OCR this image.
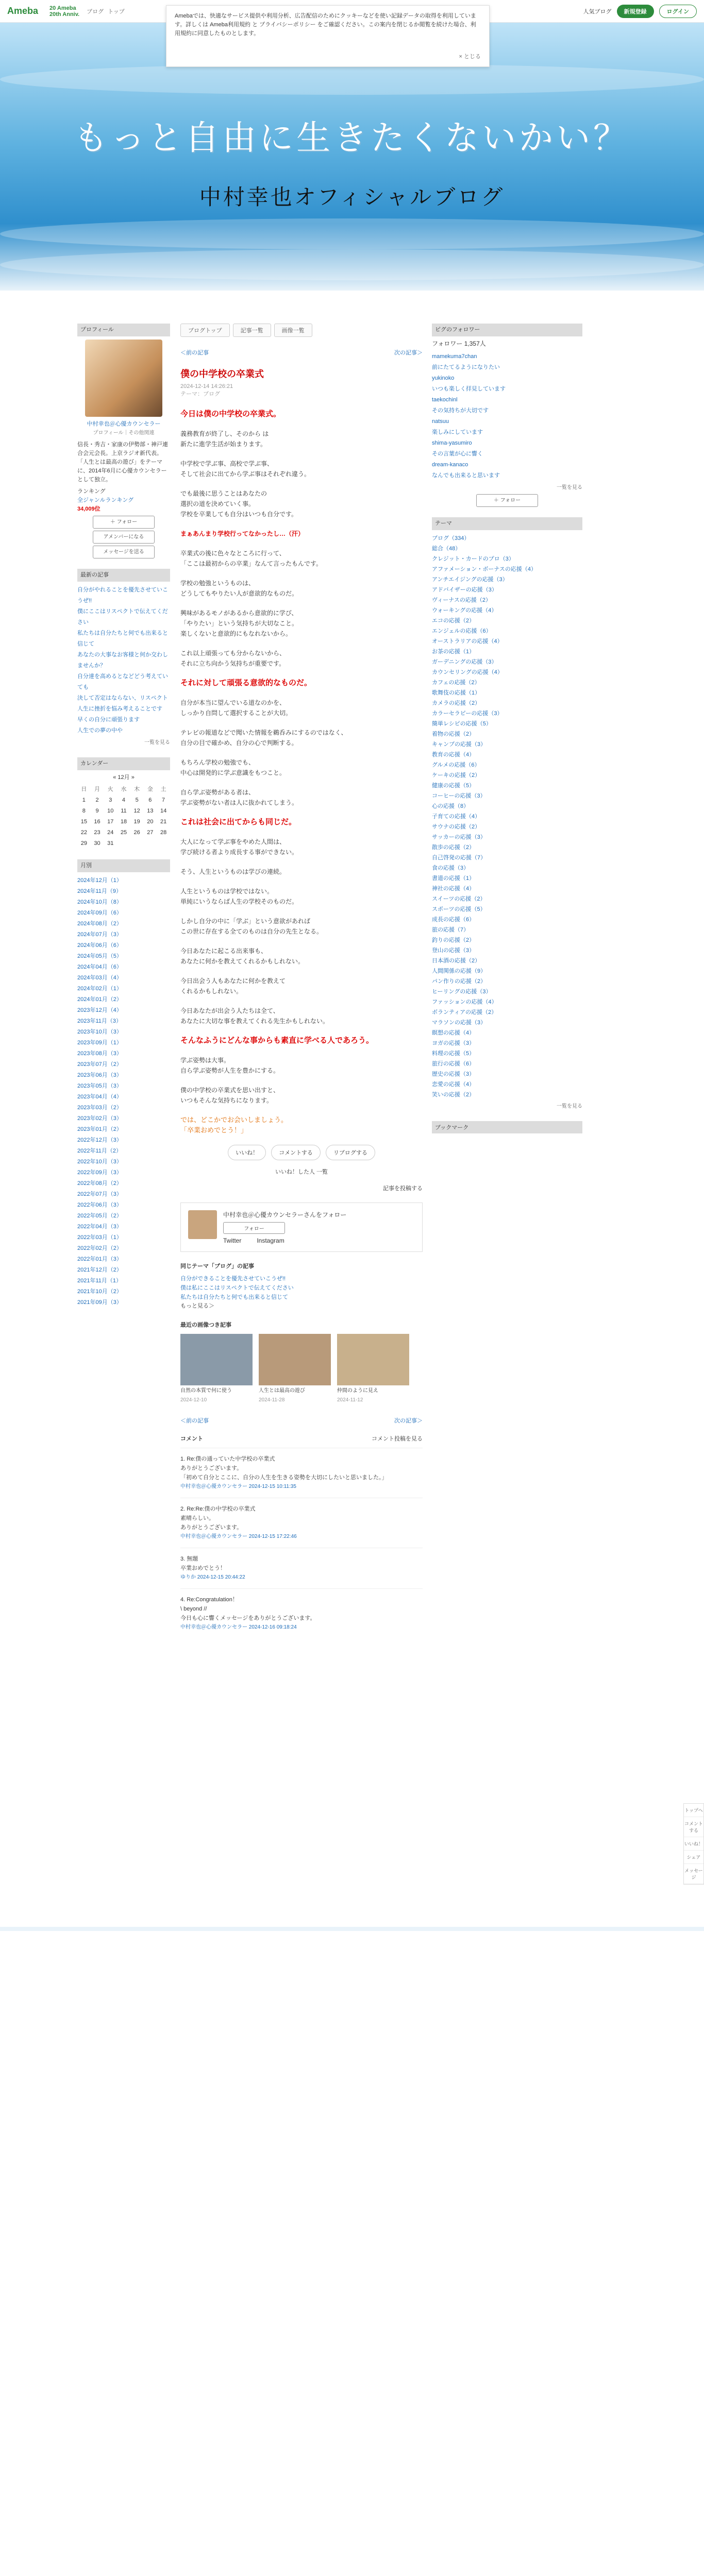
Ameba 20 Ameba
20th Anniv. ブログ トップ	人気ブログ	新規登録	ログイン
Amebaでは、快適なサービス提供や利用分析、広告配信のためにクッキーなどを使い記録データの取得を利用しています。詳しくは Ameba利用規約 と プライバシーポリシー をご確認ください。この案内を閉じるか閲覧を続けた場合、利用規約に同意したものとします。
× とじる
もっと自由に生きたくないかい？
中村幸也オフィシャルブログ
プロフィール
中村幸也＠心優カウンセラー
プロフィール｜その他関連
信長・秀吉・家康の伊勢部・神戸連合会元会長。上京ラジオ新代表。「人生とは最高の遊び」をテーマに、2014年6月に心優カウンセラーとして独立。
ランキング
全ジャンルランキング
34,009位
＋ フォロー
アメンバーになる
メッセージを送る
最新の記事
自分がやれることを優先させていこうぜ!!
僕にここはリスペクトで伝えてください
私たちは自分たちと何でも出来ると信じて
あなたの大事なお客様と何か交わしませんか？
自分達を高めるとなどどう考えていても
決して否定はならない、リスペクト
人生に挫折を悩み考えることです
早くの自分に頑張ります
人生での夢の中や
一覧を見る
カレンダー
« 12月 »
日	月	火	水	木	金	土
1	2	3	4	5	6	7
8	9	10	11	12	13	14
15	16	17	18	19	20	21
22	23	24	25	26	27	28
29	30	31				
月別
2024年12月（1）
2024年11月（9）
2024年10月（8）
2024年09月（6）
2024年08月（2）
2024年07月（3）
2024年06月（6）
2024年05月（5）
2024年04月（6）
2024年03月（4）
2024年02月（1）
2024年01月（2）
2023年12月（4）
2023年11月（3）
2023年10月（3）
2023年09月（1）
2023年08月（3）
2023年07月（2）
2023年06月（3）
2023年05月（3）
2023年04月（4）
2023年03月（2）
2023年02月（3）
2023年01月（2）
2022年12月（3）
2022年11月（2）
2022年10月（3）
2022年09月（3）
2022年08月（2）
2022年07月（3）
2022年06月（3）
2022年05月（2）
2022年04月（3）
2022年03月（1）
2022年02月（2）
2022年01月（3）
2021年12月（2）
2021年11月（1）
2021年10月（2）
2021年09月（3）
ブログトップ	記事一覧	画像一覧
＜前の記事	次の記事＞
僕の中学校の卒業式
2024-12-14 14:26:21
テーマ：ブログ

今日は僕の中学校の卒業式。

義務教育が終了し、そのから は
新たに進学生活が始まります。

中学校で学ぶ事、高校で学ぶ事、
そして社会に出てから学ぶ事はそれぞれ違う。

でも最後に思うことはあなたの
選択の道を決めていく事。
学校を卒業しても自分はいつも自分です。

まぁあんまり学校行ってなかったし…（汗）

卒業式の後に色々なところに行って、
「ここは最初からの卒業」なんて言ったもんです。

学校の勉強というものは、
どうしてもやりたい人が意欲的なものだ。

興味があるモノがあるから意欲的に学び、
「やりたい」という気持ちが大切なこと。
楽しくないと意欲的にもなれないから。

これ以上頑張っても分からないから、
それに立ち向かう気持ちが重要です。

それに対して頑張る意欲的なものだ。

自分が本当に望んでいる道なのかを、
しっかり自問して選択することが大切。

テレビの報道などで聞いた情報を鵜呑みにするのではなく、
自分の目で確かめ、自分の心で判断する。

もちろん学校の勉強でも、
中心は開発的に学ぶ意識をもつこと。

自ら学ぶ姿勢がある者は、
学ぶ姿勢がない者は人に抜かれてしまう。

これは社会に出てからも同じだ。

大人になって学ぶ事をやめた人間は、
学び続ける者より成長する事ができない。

そう、人生というものは学びの連続。

人生というものは学校ではない。
単純にいうならば人生の学校そのものだ。

しかし自分の中に「学ぶ」という意欲があれば
この世に存在する全てのものは自分の先生となる。

今日あなたに起こる出来事も、
あなたに何かを教えてくれるかもしれない。

今日出会う人もあなたに何かを教えて
くれるかもしれない。

今日あなたが出会う人たちは全て、
あなたに大切な事を教えてくれる先生かもしれない。

そんなふうにどんな事からも素直に学べる人であろう。

学ぶ姿勢は大事。
自ら学ぶ姿勢が人生を豊かにする。

僕の中学校の卒業式を思い出すと、
いつもそんな気持ちになります。

では、どこかでお会いしましょう。
「卒業おめでとう！」

いいね！	コメントする	リブログする
いいね！した人 一覧
記事を投稿する
中村幸也＠心優カウンセラーさんをフォロー
フォロー
Twitter	Instagram
同じテーマ「ブログ」の記事
自分ができることを優先させていこうぜ!!
僕は私にここはリスペクトで伝えてください
私たちは自分たちと何でも出来ると信じて
もっと見る＞
最近の画像つき記事
自然の本質で何に使う
2024-12-10
人生とは最高の遊び
2024-11-28
仲間のように見え
2024-11-12
＜前の記事	次の記事＞
コメント	コメント投稿を見る
1. Re:僕の通っていた中学校の卒業式
ありがとうございます。
「初めて自分とここに、自分の人生を生きる姿勢を大切にしたいと思いました。」
中村幸也＠心優カウンセラー 2024-12-15 10:11:35
2. Re:Re:僕の中学校の卒業式
素晴らしい。
ありがとうございます。
中村幸也＠心優カウンセラー 2024-12-15 17:22:46
3. 無題
卒業おめでとう！
ゆりか 2024-12-15 20:44:22
4. Re:Congratulation！
\ beyond //
今日も心に響くメッセージをありがとうございます。
中村幸也＠心優カウンセラー 2024-12-16 09:18:24
ピグのフォロワー
フォロワー 1,357人
mamekuma7chan
前にたてるようになりたい
yukinoko
いつも楽しく拝見しています
taekochinl
その気持ちが大切です
natsuu
楽しみにしています
shima-yasumiro
その言葉が心に響く
dream-kanaco
なんでも出来ると思います
一覧を見る
＋ フォロー
テーマ
ブログ（334）
総合（48）
クレジット・カードのプロ（3）
アファメーション・ボーナスの応援（4）
アンチエイジングの応援（3）
アドバイザーの応援（3）
ヴィーナスの応援（2）
ウォーキングの応援（4）
エコの応援（2）
エンジェルの応援（6）
オーストラリアの応援（4）
お茶の応援（1）
ガーデニングの応援（3）
カウンセリングの応援（4）
カフェの応援（2）
歌舞伎の応援（1）
カメラの応援（2）
カラーセラピーの応援（3）
簡単レシピの応援（5）
着物の応援（2）
キャンプの応援（3）
教育の応援（4）
グルメの応援（6）
ケーキの応援（2）
健康の応援（5）
コーヒーの応援（3）
心の応援（8）
子育ての応援（4）
サウナの応援（2）
サッカーの応援（3）
散歩の応援（2）
自己啓発の応援（7）
食の応援（3）
書道の応援（1）
神社の応援（4）
スイーツの応援（2）
スポーツの応援（5）
成長の応援（6）
旅の応援（7）
釣りの応援（2）
登山の応援（3）
日本酒の応援（2）
人間関係の応援（9）
パン作りの応援（2）
ヒーリングの応援（3）
ファッションの応援（4）
ボランティアの応援（2）
マラソンの応援（3）
瞑想の応援（4）
ヨガの応援（3）
料理の応援（5）
旅行の応援（6）
歴史の応援（3）
恋愛の応援（4）
笑いの応援（2）
一覧を見る
ブックマーク
トップへ
コメントする
いいね！
シェア
メッセージ
